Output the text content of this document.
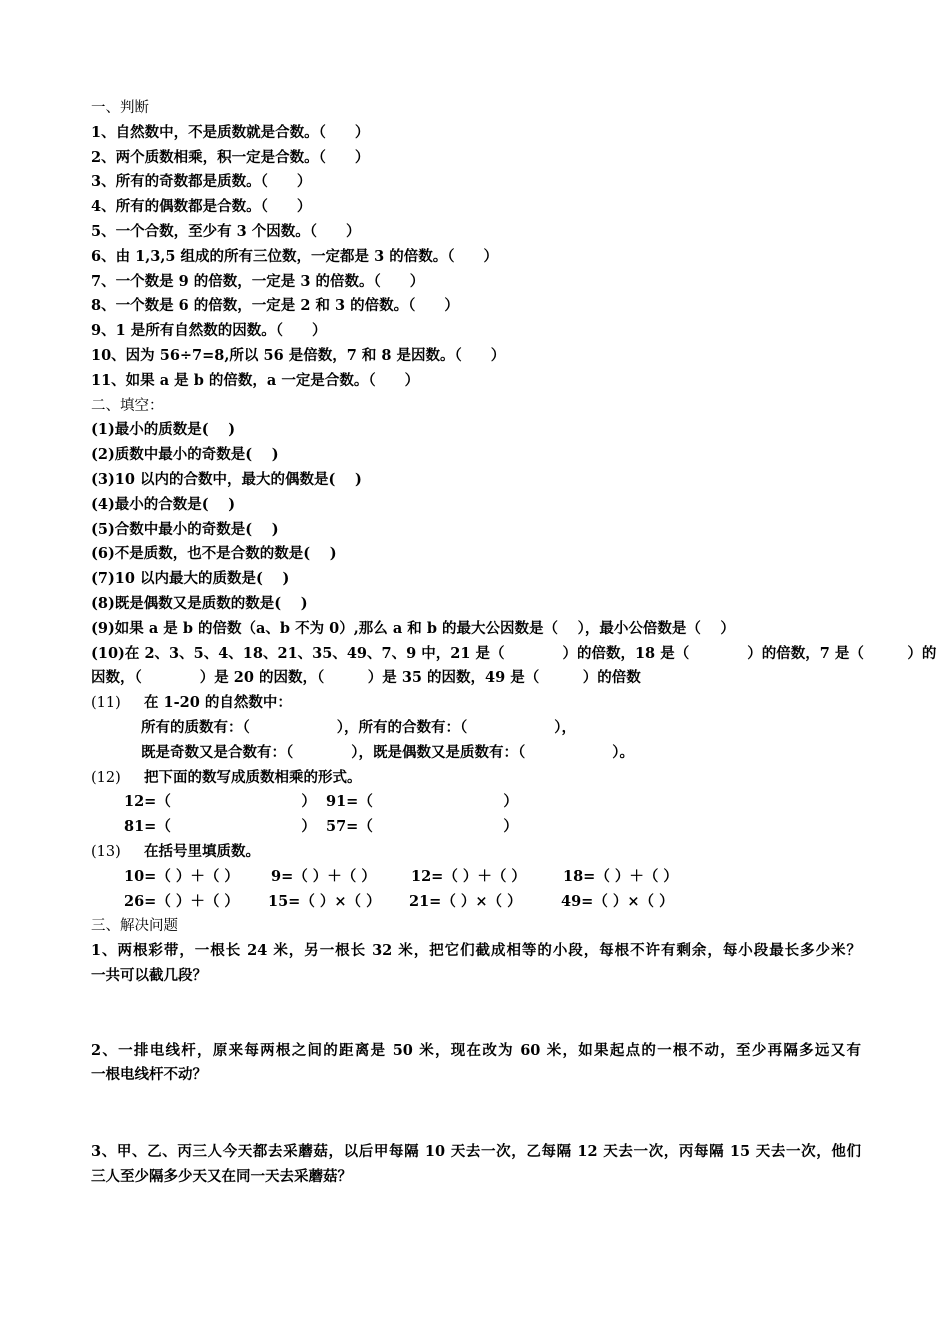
一、判断
1、自然数中，不是质数就是合数。（　　）
2、两个质数相乘，积一定是合数。（　　）
3、所有的奇数都是质数。（　　）
4、所有的偶数都是合数。（　　）
5、一个合数，至少有 3 个因数。（　　）
6、由 1,3,5 组成的所有三位数，一定都是 3 的倍数。（　　）
7、一个数是 9 的倍数，一定是 3 的倍数。（　　）
8、一个数是 6 的倍数，一定是 2 和 3 的倍数。（　　）
9、1 是所有自然数的因数。（　　）
10、因为 56÷7=8,所以 56 是倍数，7 和 8 是因数。（　　）
11、如果 a 是 b 的倍数，a 一定是合数。（　　）
二、填空：
(1)最小的质数是(　 )
(2)质数中最小的奇数是(　 )
(3)10 以内的合数中，最大的偶数是(　 )
(4)最小的合数是(　 )
(5)合数中最小的奇数是(　 )
(6)不是质数，也不是合数的数是(　 )
(7)10 以内最大的质数是(　 )
(8)既是偶数又是质数的数是(　 )
(9)如果 a 是 b 的倍数（a、b 不为 0）,那么 a 和 b 的最大公因数是（　 ），最小公倍数是（　 ）
(10)在 2、3、5、4、18、21、35、49、7、9 中，21 是（　　　　）的倍数，18 是（　　　　）的倍数，7 是（　　　）的
因数，（　　　　）是 20 的因数，（　　　）是 35 的因数，49 是（　　　）的倍数
(11) 在 1-20 的自然数中：
所有的质数有：（　　　　　　），所有的合数有：（　　　　　　），
既是奇数又是合数有：（　　　　），既是偶数又是质数有：（　　　　　　）。
(12) 把下面的数写成质数相乘的形式。
12=（　　　　　　　　　） 91=（　　　　　　　　　）
81=（　　　　　　　　　） 57=（　　　　　　　　　）
(13) 在括号里填质数。
10=（ ）＋（ ） 9=（ ）＋（ ） 12=（ ）＋（ ）	18=（ ）＋（ ）
26=（ ）＋（ ） 15=（ ）×（ ） 21=（ ）×（ ）	49=（ ）×（ ）
三、解决问题
1、两根彩带，一根长 24 米，另一根长 32 米，把它们截成相等的小段，每根不许有剩余，每小段最长多少米？
一共可以截几段？
2、一排电线杆，原来每两根之间的距离是 50 米，现在改为 60 米，如果起点的一根不动，至少再隔多远又有
一根电线杆不动？
3、甲、乙、丙三人今天都去采蘑菇，以后甲每隔 10 天去一次，乙每隔 12 天去一次，丙每隔 15 天去一次，他们
三人至少隔多少天又在同一天去采蘑菇？
